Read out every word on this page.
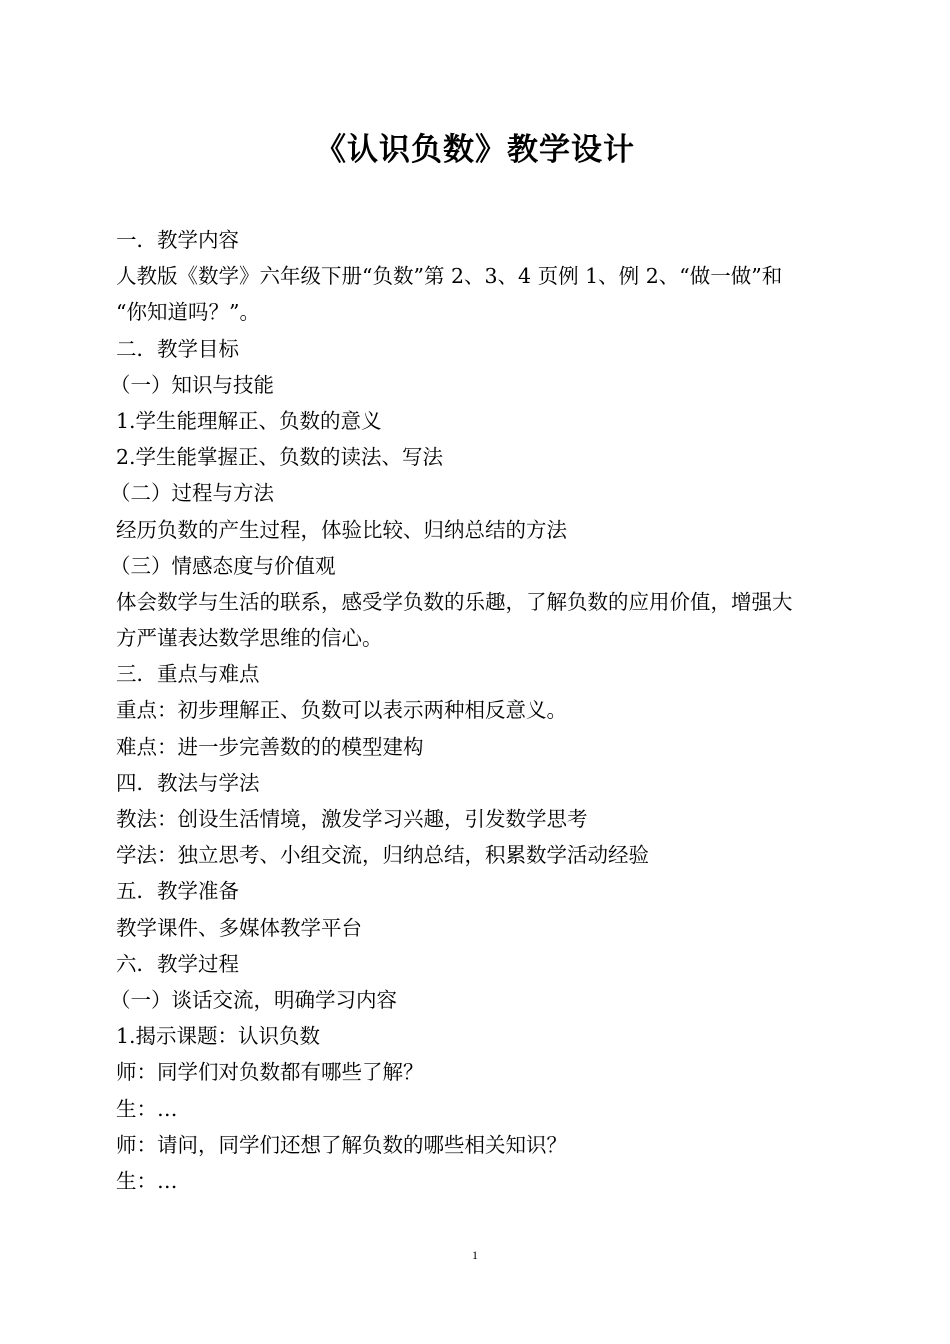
《认识负数》教学设计
一．教学内容
人教版《数学》六年级下册“负数”第 2、3、4 页例 1、例 2、“做一做”和
“你知道吗？”。
二．教学目标
（一）知识与技能
1.学生能理解正、负数的意义
2.学生能掌握正、负数的读法、写法
（二）过程与方法
经历负数的产生过程，体验比较、归纳总结的方法
（三）情感态度与价值观
体会数学与生活的联系，感受学负数的乐趣，了解负数的应用价值，增强大
方严谨表达数学思维的信心。
三．重点与难点
重点：初步理解正、负数可以表示两种相反意义。
难点：进一步完善数的的模型建构
四．教法与学法
教法：创设生活情境，激发学习兴趣，引发数学思考
学法：独立思考、小组交流，归纳总结，积累数学活动经验
五．教学准备
教学课件、多媒体教学平台
六．教学过程
（一）谈话交流，明确学习内容
1.揭示课题：认识负数
师：同学们对负数都有哪些了解？
生：…
师：请问，同学们还想了解负数的哪些相关知识？
生：…
1
